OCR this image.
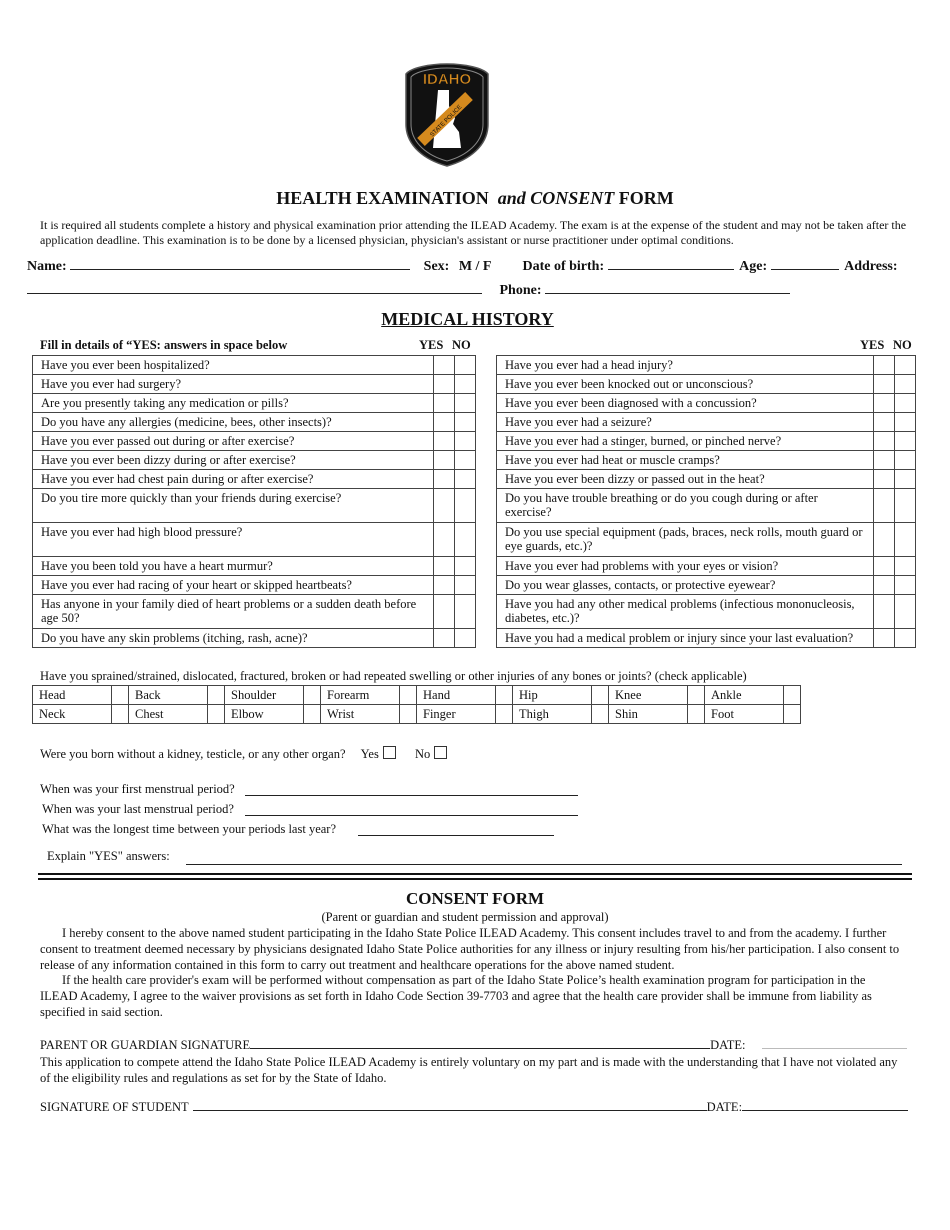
IDAHO
STATE POLICE
HEALTH EXAMINATION and CONSENT FORM
It is required all students complete a history and physical examination prior attending the ILEAD Academy. The exam is at the expense of the student and may not be taken after the application deadline. This examination is to be done by a licensed physician, physician's assistant or nurse practitioner under optimal conditions.
Name:	Sex: M / F Date of birth:	Age:	Address:
Phone:
MEDICAL HISTORY
Fill in details of “YES: answers in space below	YES NO	YES NO
Have you ever been hospitalized?		
Have you ever had surgery?		
Are you presently taking any medication or pills?		
Do you have any allergies (medicine, bees, other insects)?		
Have you ever passed out during or after exercise?		
Have you ever been dizzy during or after exercise?		
Have you ever had chest pain during or after exercise?		
Do you tire more quickly than your friends during exercise?		
Have you ever had high blood pressure?		
Have you been told you have a heart murmur?		
Have you ever had racing of your heart or skipped heartbeats?		
Has anyone in your family died of heart problems or a sudden death before age 50?		
Do you have any skin problems (itching, rash, acne)?		
Have you ever had a head injury?		
Have you ever been knocked out or unconscious?		
Have you ever been diagnosed with a concussion?		
Have you ever had a seizure?		
Have you ever had a stinger, burned, or pinched nerve?		
Have you ever had heat or muscle cramps?		
Have you ever been dizzy or passed out in the heat?		
Do you have trouble breathing or do you cough during or after exercise?		
Do you use special equipment (pads, braces, neck rolls, mouth guard or eye guards, etc.)?		
Have you ever had problems with your eyes or vision?		
Do you wear glasses, contacts, or protective eyewear?		
Have you had any other medical problems (infectious mononucleosis, diabetes, etc.)?		
Have you had a medical problem or injury since your last evaluation?		
Have you sprained/strained, dislocated, fractured, broken or had repeated swelling or other injuries of any bones or joints? (check applicable)
Head		Back		Shoulder		Forearm		Hand		Hip		Knee		Ankle	
Neck		Chest		Elbow		Wrist		Finger		Thigh		Shin		Foot	
Were you born without a kidney, testicle, or any other organ? Yes	No
When was your first menstrual period?
When was your last menstrual period?
What was the longest time between your periods last year?
Explain "YES" answers:
CONSENT FORM
(Parent or guardian and student permission and approval)

I hereby consent to the above named student participating in the Idaho State Police ILEAD Academy. This consent includes travel to and from the academy. I further consent to treatment deemed necessary by physicians designated Idaho State Police authorities for any illness or injury resulting from his/her participation. I also consent to release of any information contained in this form to carry out treatment and healthcare operations for the above named student.

If the health care provider's exam will be performed without compensation as part of the Idaho State Police’s health examination program for participation in the ILEAD Academy, I agree to the waiver provisions as set forth in Idaho Code Section 39-7703 and agree that the health care provider shall be immune from liability as specified in said section.

PARENT OR GUARDIAN SIGNATURE	DATE:
This application to compete attend the Idaho State Police ILEAD Academy is entirely voluntary on my part and is made with the understanding that I have not violated any of the eligibility rules and regulations as set for by the State of Idaho.
SIGNATURE OF STUDENT	DATE:
